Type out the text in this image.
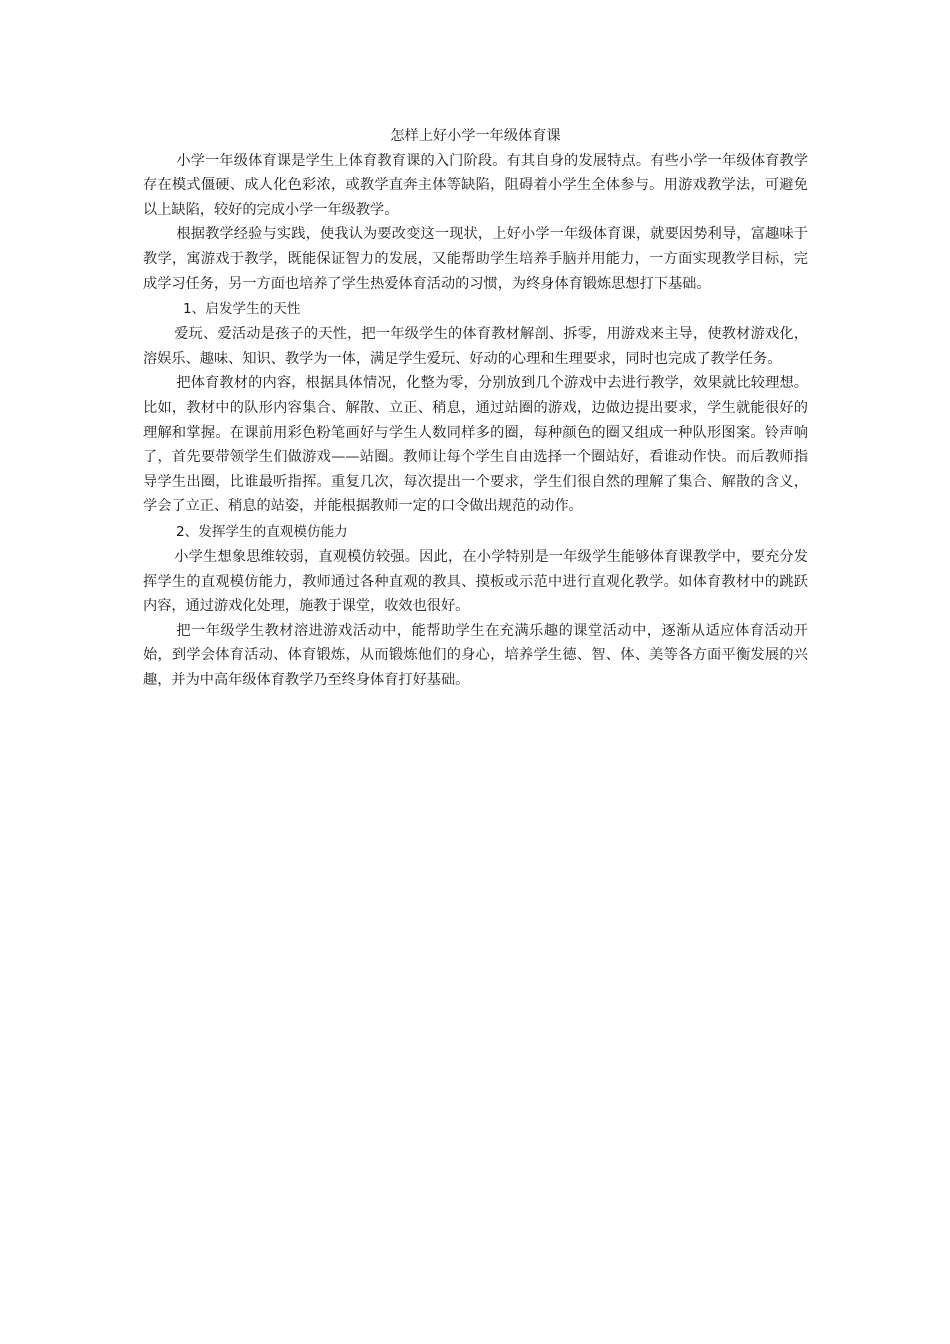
怎样上好小学一年级体育课

小学一年级体育课是学生上体育教育课的入门阶段。有其自身的发展特点。有些小学一年级体育教学存在模式僵硬、成人化色彩浓，或教学直奔主体等缺陷，阻碍着小学生全体参与。用游戏教学法，可避免以上缺陷，较好的完成小学一年级教学。

根据教学经验与实践，使我认为要改变这一现状，上好小学一年级体育课，就要因势利导，富趣味于教学，寓游戏于教学，既能保证智力的发展，又能帮助学生培养手脑并用能力，一方面实现教学目标，完成学习任务，另一方面也培养了学生热爱体育活动的习惯，为终身体育锻炼思想打下基础。

1、启发学生的天性

爱玩、爱活动是孩子的天性，把一年级学生的体育教材解剖、拆零，用游戏来主导，使教材游戏化，溶娱乐、趣味、知识、教学为一体，满足学生爱玩、好动的心理和生理要求，同时也完成了教学任务。

把体育教材的内容，根据具体情况，化整为零，分别放到几个游戏中去进行教学，效果就比较理想。比如，教材中的队形内容集合、解散、立正、稍息，通过站圈的游戏，边做边提出要求，学生就能很好的理解和掌握。在课前用彩色粉笔画好与学生人数同样多的圈，每种颜色的圈又组成一种队形图案。铃声响了，首先要带领学生们做游戏——站圈。教师让每个学生自由选择一个圈站好，看谁动作快。而后教师指导学生出圈，比谁最听指挥。重复几次，每次提出一个要求，学生们很自然的理解了集合、解散的含义，学会了立正、稍息的站姿，并能根据教师一定的口令做出规范的动作。

2、发挥学生的直观模仿能力

小学生想象思维较弱，直观模仿较强。因此，在小学特别是一年级学生能够体育课教学中，要充分发挥学生的直观模仿能力，教师通过各种直观的教具、摸板或示范中进行直观化教学。如体育教材中的跳跃内容，通过游戏化处理，施教于课堂，收效也很好。

把一年级学生教材溶进游戏活动中，能帮助学生在充满乐趣的课堂活动中，逐渐从适应体育活动开始，到学会体育活动、体育锻炼，从而锻炼他们的身心，培养学生德、智、体、美等各方面平衡发展的兴趣，并为中高年级体育教学乃至终身体育打好基础。
